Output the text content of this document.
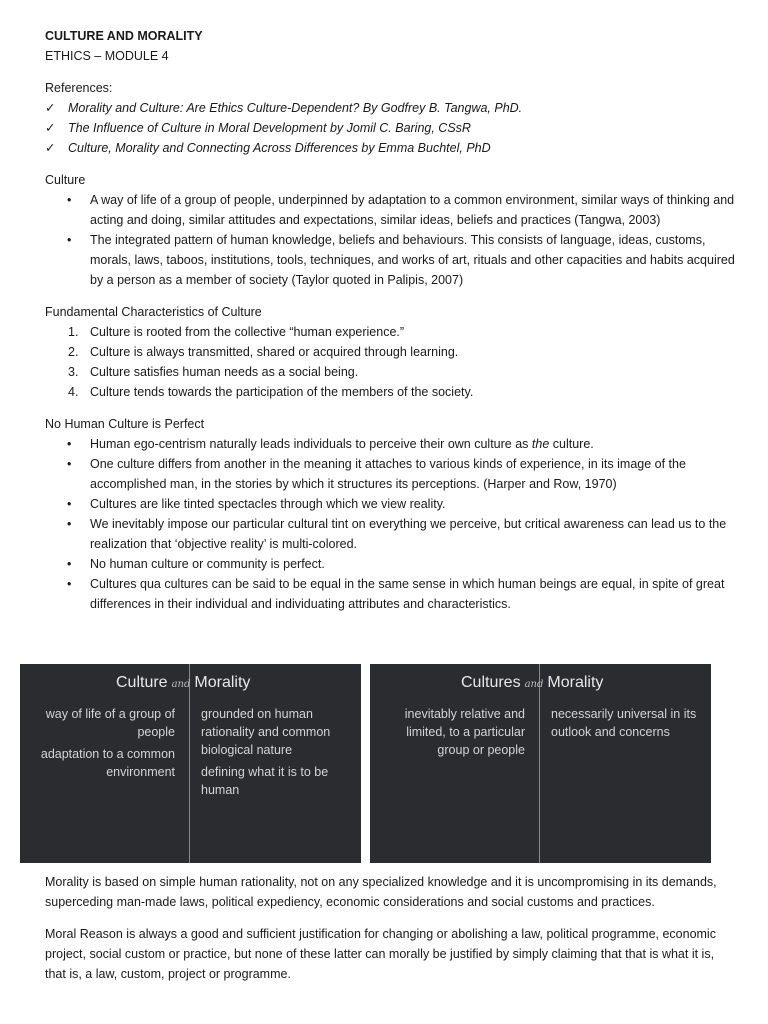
CULTURE AND MORALITY
ETHICS – MODULE 4
References:
✓ Morality and Culture: Are Ethics Culture-Dependent? By Godfrey B. Tangwa, PhD.
✓ The Influence of Culture in Moral Development by Jomil C. Baring, CSsR
✓ Culture, Morality and Connecting Across Differences by Emma Buchtel, PhD
Culture
• A way of life of a group of people, underpinned by adaptation to a common environment, similar ways of thinking and acting and doing, similar attitudes and expectations, similar ideas, beliefs and practices (Tangwa, 2003)
• The integrated pattern of human knowledge, beliefs and behaviours. This consists of language, ideas, customs, morals, laws, taboos, institutions, tools, techniques, and works of art, rituals and other capacities and habits acquired by a person as a member of society (Taylor quoted in Palipis, 2007)
Fundamental Characteristics of Culture
1. Culture is rooted from the collective “human experience.”
2. Culture is always transmitted, shared or acquired through learning.
3. Culture satisfies human needs as a social being.
4. Culture tends towards the participation of the members of the society.
No Human Culture is Perfect
• Human ego-centrism naturally leads individuals to perceive their own culture as the culture.
• One culture differs from another in the meaning it attaches to various kinds of experience, in its image of the accomplished man, in the stories by which it structures its perceptions. (Harper and Row, 1970)
• Cultures are like tinted spectacles through which we view reality.
• We inevitably impose our particular cultural tint on everything we perceive, but critical awareness can lead us to the realization that ‘objective reality’ is multi-colored.
• No human culture or community is perfect.
• Cultures qua cultures can be said to be equal in the same sense in which human beings are equal, in spite of great differences in their individual and individuating attributes and characteristics.
Culture and Morality

way of life of a group of people

adaptation to a common environment

grounded on human rationality and common biological nature

defining what it is to be human

Cultures and Morality

inevitably relative and limited, to a particular group or people

necessarily universal in its outlook and concerns

Morality is based on simple human rationality, not on any specialized knowledge and it is uncompromising in its demands, superceding man-made laws, political expediency, economic considerations and social customs and practices.

Moral Reason is always a good and sufficient justification for changing or abolishing a law, political programme, economic project, social custom or practice, but none of these latter can morally be justified by simply claiming that that is what it is, that is, a law, custom, project or programme.
